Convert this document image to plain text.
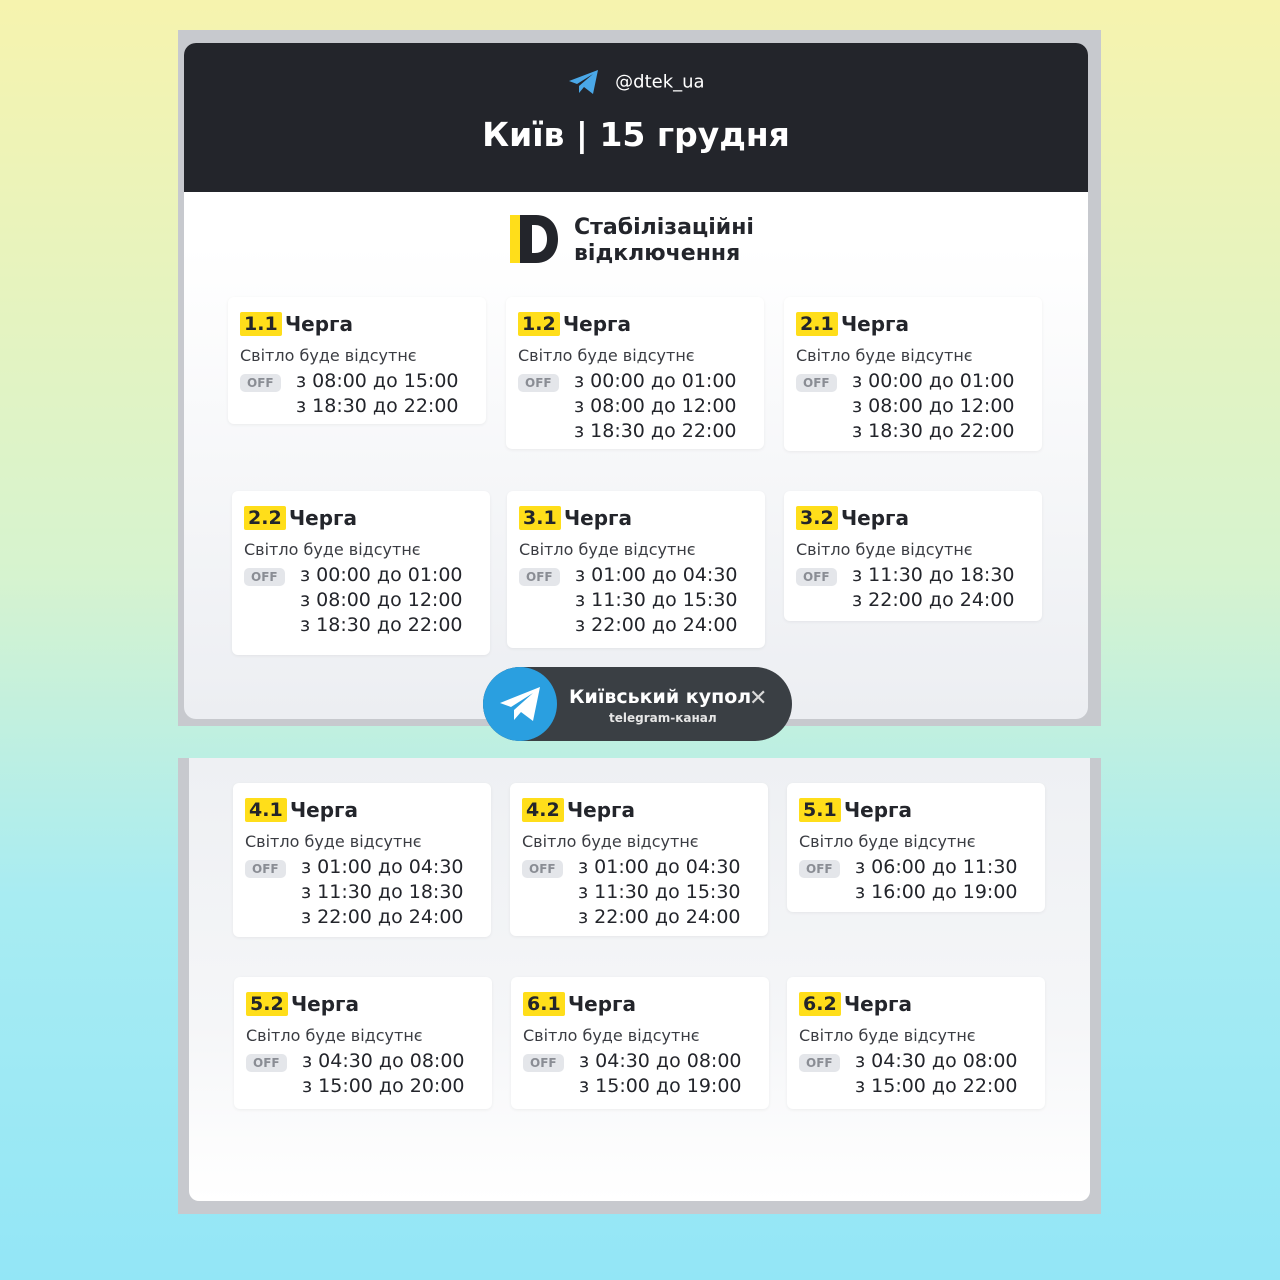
@dtek_ua
Київ | 15 грудня
Стабілізаційні
відключення
1.1 Черга
Світло буде відсутнє
OFF	з 08:00 до 15:00
з 18:30 до 22:00
1.2 Черга
Світло буде відсутнє
OFF	з 00:00 до 01:00
з 08:00 до 12:00
з 18:30 до 22:00
2.1 Черга
Світло буде відсутнє
OFF	з 00:00 до 01:00
з 08:00 до 12:00
з 18:30 до 22:00
2.2 Черга
Світло буде відсутнє
OFF	з 00:00 до 01:00
з 08:00 до 12:00
з 18:30 до 22:00
3.1 Черга
Світло буде відсутнє
OFF	з 01:00 до 04:30
з 11:30 до 15:30
з 22:00 до 24:00
3.2 Черга
Світло буде відсутнє
OFF	з 11:30 до 18:30
з 22:00 до 24:00
4.1 Черга
Світло буде відсутнє
OFF	з 01:00 до 04:30
з 11:30 до 18:30
з 22:00 до 24:00
4.2 Черга
Світло буде відсутнє
OFF	з 01:00 до 04:30
з 11:30 до 15:30
з 22:00 до 24:00
5.1 Черга
Світло буде відсутнє
OFF	з 06:00 до 11:30
з 16:00 до 19:00
5.2 Черга
Світло буде відсутнє
OFF	з 04:30 до 08:00
з 15:00 до 20:00
6.1 Черга
Світло буде відсутнє
OFF	з 04:30 до 08:00
з 15:00 до 19:00
6.2 Черга
Світло буде відсутнє
OFF	з 04:30 до 08:00
з 15:00 до 22:00
Київський купол
telegram-канал
✕
